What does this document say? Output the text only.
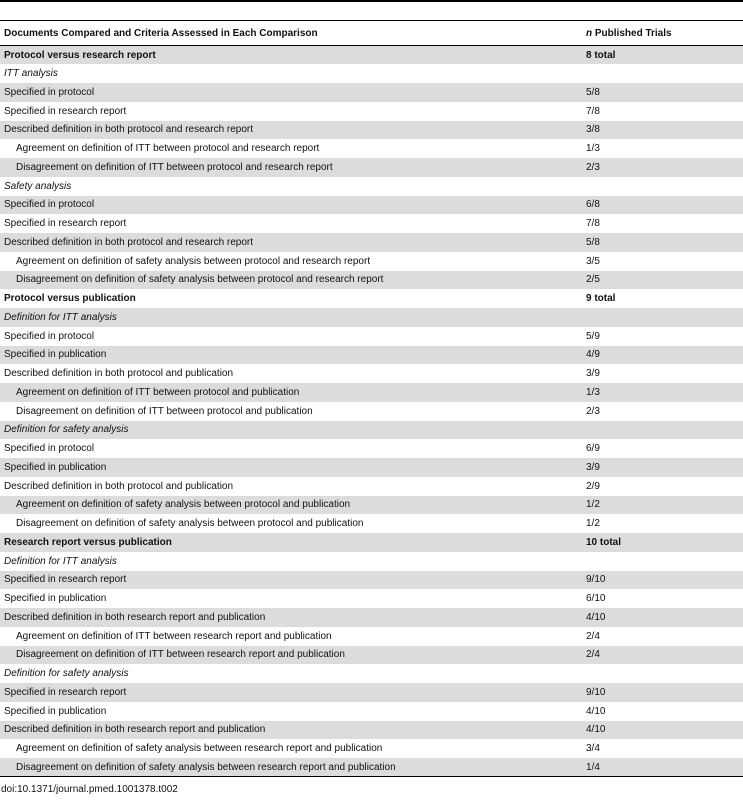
Documents Compared and Criteria Assessed in Each Comparison	n Published Trials
Protocol versus research report	8 total
ITT analysis	
Specified in protocol	5/8
Specified in research report	7/8
Described definition in both protocol and research report	3/8
Agreement on definition of ITT between protocol and research report	1/3
Disagreement on definition of ITT between protocol and research report	2/3
Safety analysis	
Specified in protocol	6/8
Specified in research report	7/8
Described definition in both protocol and research report	5/8
Agreement on definition of safety analysis between protocol and research report	3/5
Disagreement on definition of safety analysis between protocol and research report	2/5
Protocol versus publication	9 total
Definition for ITT analysis	
Specified in protocol	5/9
Specified in publication	4/9
Described definition in both protocol and publication	3/9
Agreement on definition of ITT between protocol and publication	1/3
Disagreement on definition of ITT between protocol and publication	2/3
Definition for safety analysis	
Specified in protocol	6/9
Specified in publication	3/9
Described definition in both protocol and publication	2/9
Agreement on definition of safety analysis between protocol and publication	1/2
Disagreement on definition of safety analysis between protocol and publication	1/2
Research report versus publication	10 total
Definition for ITT analysis	
Specified in research report	9/10
Specified in publication	6/10
Described definition in both research report and publication	4/10
Agreement on definition of ITT between research report and publication	2/4
Disagreement on definition of ITT between research report and publication	2/4
Definition for safety analysis	
Specified in research report	9/10
Specified in publication	4/10
Described definition in both research report and publication	4/10
Agreement on definition of safety analysis between research report and publication	3/4
Disagreement on definition of safety analysis between research report and publication	1/4
doi:10.1371/journal.pmed.1001378.t002
